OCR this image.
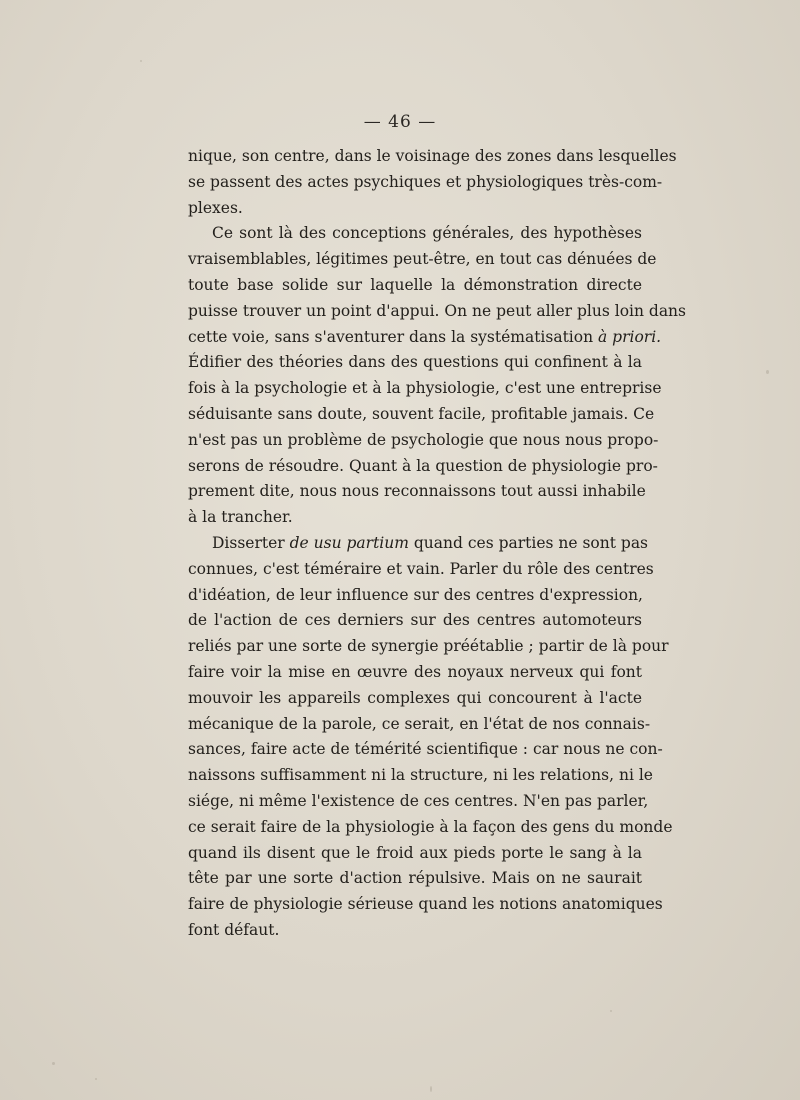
— 46 —
nique, son centre, dans le voisinage des zones dans lesquelles
se passent des actes psychiques et physiologiques très-com-
plexes.
Ce sont là des conceptions générales, des hypothèses
vraisemblables, légitimes peut-être, en tout cas dénuées de
toute base solide sur laquelle la démonstration directe
puisse trouver un point d'appui. On ne peut aller plus loin dans
cette voie, sans s'aventurer dans la systématisation à priori.
Édifier des théories dans des questions qui confinent à la
fois à la psychologie et à la physiologie, c'est une entreprise
séduisante sans doute, souvent facile, profitable jamais. Ce
n'est pas un problème de psychologie que nous nous propo-
serons de résoudre. Quant à la question de physiologie pro-
prement dite, nous nous reconnaissons tout aussi inhabile
à la trancher.
Disserter de usu partium quand ces parties ne sont pas
connues, c'est téméraire et vain. Parler du rôle des centres
d'idéation, de leur influence sur des centres d'expression,
de l'action de ces derniers sur des centres automoteurs
reliés par une sorte de synergie préétablie ; partir de là pour
faire voir la mise en œuvre des noyaux nerveux qui font
mouvoir les appareils complexes qui concourent à l'acte
mécanique de la parole, ce serait, en l'état de nos connais-
sances, faire acte de témérité scientifique : car nous ne con-
naissons suffisamment ni la structure, ni les relations, ni le
siége, ni même l'existence de ces centres. N'en pas parler,
ce serait faire de la physiologie à la façon des gens du monde
quand ils disent que le froid aux pieds porte le sang à la
tête par une sorte d'action répulsive. Mais on ne saurait
faire de physiologie sérieuse quand les notions anatomiques
font défaut.
